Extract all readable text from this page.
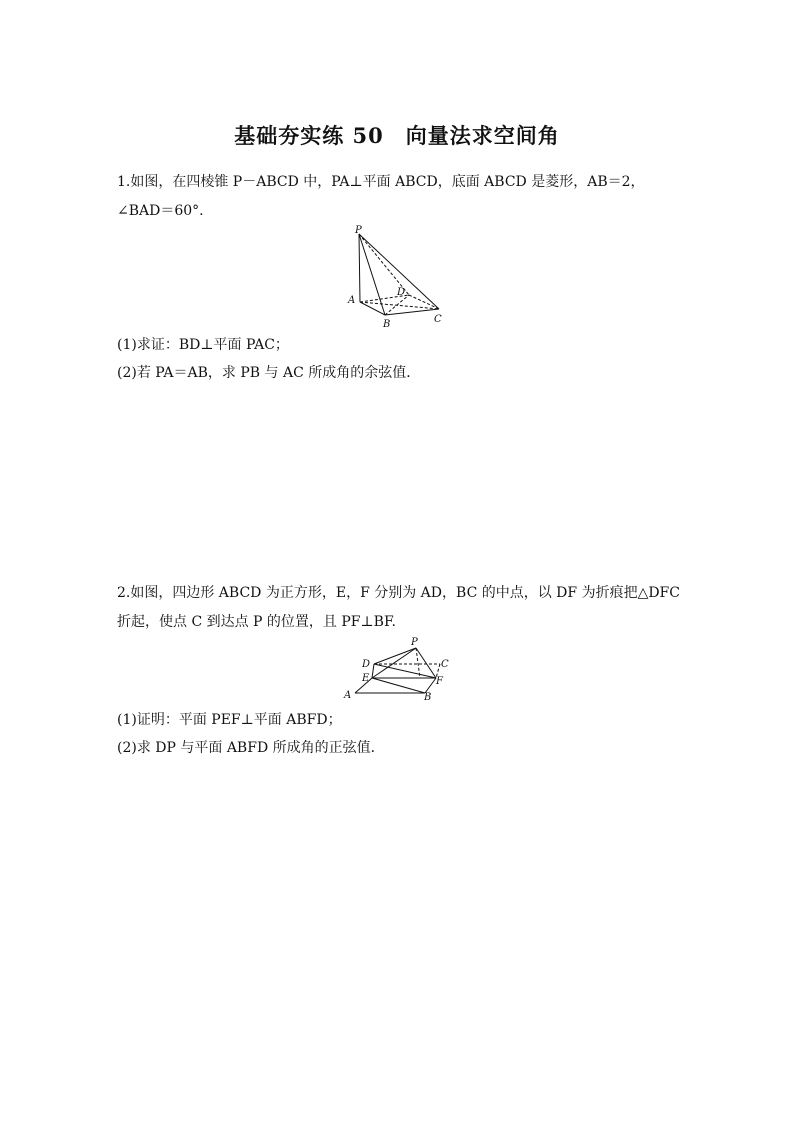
基础夯实练 50　向量法求空间角
1.如图，在四棱锥 P－ABCD 中，PA⊥平面 ABCD，底面 ABCD 是菱形，AB＝2，∠BAD＝60°.
P
A
B	C
D
(1)求证：BD⊥平面 PAC；
(2)若 PA＝AB，求 PB 与 AC 所成角的余弦值．
2.如图，四边形 ABCD 为正方形，E，F 分别为 AD，BC 的中点，以 DF 为折痕把△DFC 折起，使点 C 到达点 P 的位置，且 PF⊥BF.
P
D	C
E	F
A	B
(1)证明：平面 PEF⊥平面 ABFD；
(2)求 DP 与平面 ABFD 所成角的正弦值．
